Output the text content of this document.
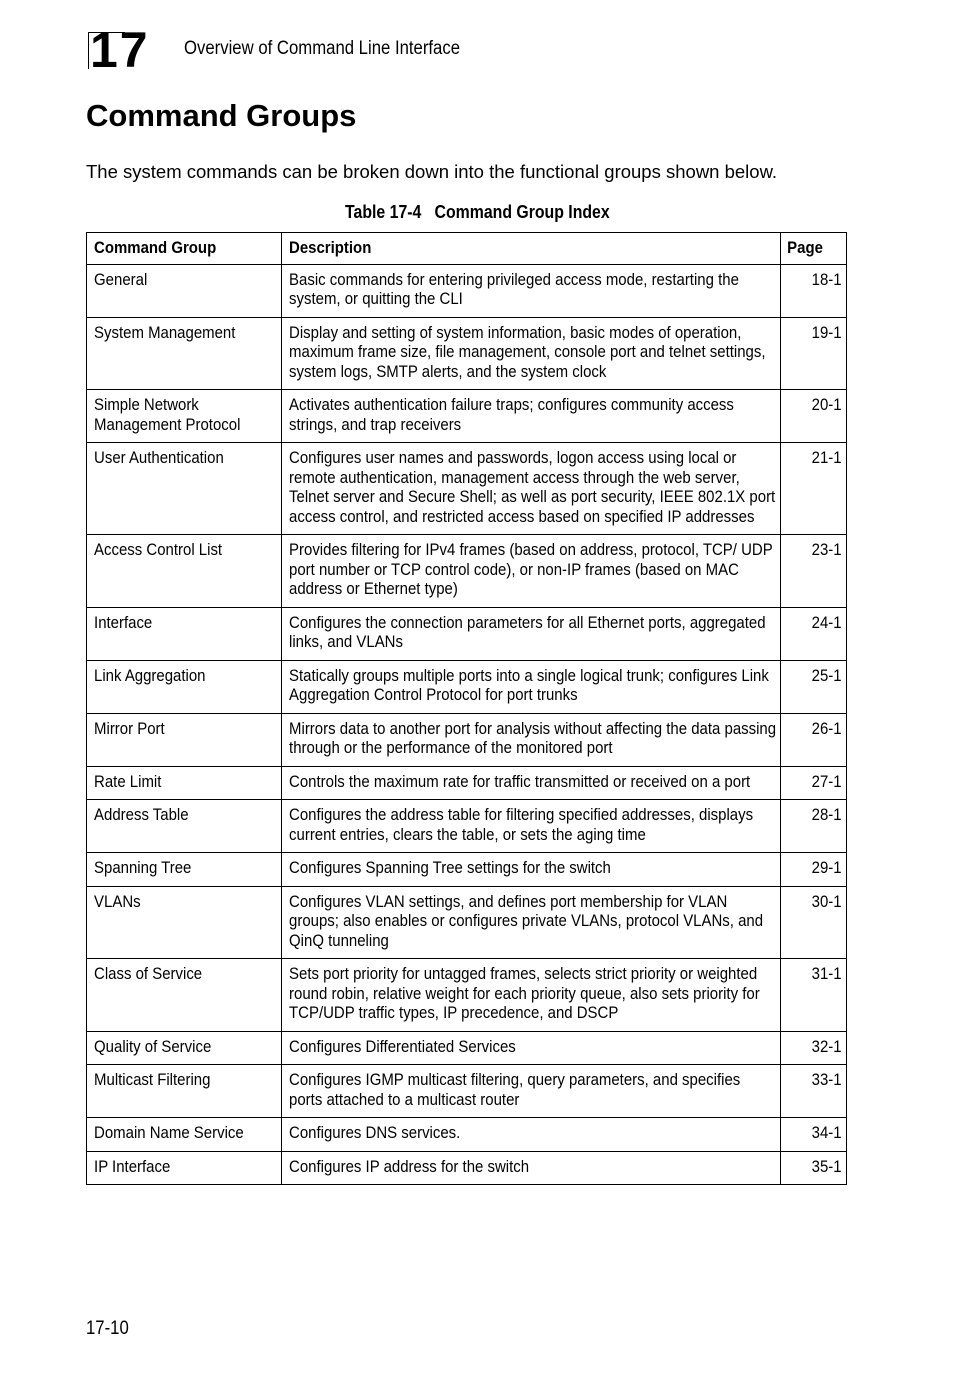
17 Overview of Command Line Interface
Command Groups

The system commands can be broken down into the functional groups shown below.

Table 17-4   Command Group Index
Command Group	Description	Page

General	Basic commands for entering privileged access mode, restarting the system, or quitting the CLI	18-1

System Management	Display and setting of system information, basic modes of operation, maximum frame size, file management, console port and telnet settings, system logs, SMTP alerts, and the system clock	19-1

Simple Network Management Protocol	Activates authentication failure traps; configures community access strings, and trap receivers	20-1

User Authentication	Configures user names and passwords, logon access using local or remote authentication, management access through the web server, Telnet server and Secure Shell; as well as port security, IEEE 802.1X port access control, and restricted access based on specified IP addresses	21-1

Access Control List	Provides filtering for IPv4 frames (based on address, protocol, TCP/ UDP port number or TCP control code), or non-IP frames (based on MAC address or Ethernet type)	23-1

Interface	Configures the connection parameters for all Ethernet ports, aggregated links, and VLANs	24-1

Link Aggregation	Statically groups multiple ports into a single logical trunk; configures Link Aggregation Control Protocol for port trunks	25-1

Mirror Port	Mirrors data to another port for analysis without affecting the data passing through or the performance of the monitored port	26-1

Rate Limit	Controls the maximum rate for traffic transmitted or received on a port	27-1

Address Table	Configures the address table for filtering specified addresses, displays current entries, clears the table, or sets the aging time	28-1

Spanning Tree	Configures Spanning Tree settings for the switch	29-1

VLANs	Configures VLAN settings, and defines port membership for VLAN groups; also enables or configures private VLANs, protocol VLANs, and QinQ tunneling	30-1

Class of Service	Sets port priority for untagged frames, selects strict priority or weighted round robin, relative weight for each priority queue, also sets priority for TCP/UDP traffic types, IP precedence, and DSCP	31-1

Quality of Service	Configures Differentiated Services	32-1

Multicast Filtering	Configures IGMP multicast filtering, query parameters, and specifies ports attached to a multicast router	33-1

Domain Name Service	Configures DNS services.	34-1

IP Interface	Configures IP address for the switch	35-1
17-10
